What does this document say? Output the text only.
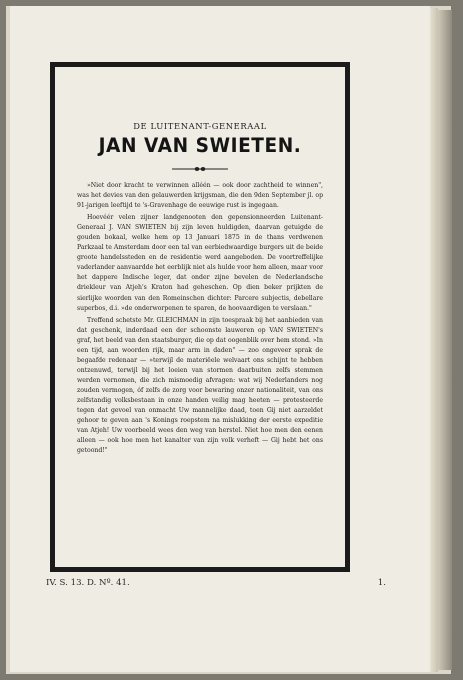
DE LUITENANT-GENERAAL
JAN VAN SWIETEN.

»Niet door kracht te verwinnen alléén — ook door zachtheid te winnen", was het devies van den gelauwerden krijgsman, die den 9den September jl. op 91-jarigen leeftijd te 's-Gravenhage de eeuwige rust is ingegaan.

Hoevéér velen zijner landgenooten den gepensionneerden Luitenant-Generaal J. VAN SWIETEN bij zijn leven huldigden, daarvan getuigde de gouden bokaal, welke hem op 13 Januari 1875 in de thans verdwenen Parkzaal te Amsterdam door een tal van eerbiedwaardige burgers uit de beide groote handelssteden en de residentie werd aangeboden. De voortreffelijke vaderlander aanvaardde het eerblijk niet als hulde voor hem alleen, maar voor het dappere Indische leger, dat onder zijne bevelen de Nederlandsche driekleur van Atjeh's Kraton had geheschen. Op dien beker prijkten de sierlijke woorden van den Romeinschen dichter: Parcere subjectis, debellare superbos, d.i. »de onderworpenen te sparen, de hoovaardigen te verslaan."

Treffend schetste Mr. GLEICHMAN in zijn toespraak bij het aanbieden van dat geschenk, inderdaad een der schoonste lauweren op VAN SWIETEN's graf, het beeld van den staatsburger, die op dat oogenblik over hem stond. »In een tijd, aan woorden rijk, maar arm in daden" — zoo ongeveer sprak de begaafde redenaar — »terwijl de materiëele welvaart ons schijnt te hebben ontzenuwd, terwijl bij het loeien van stormen daarbuiten zelfs stemmen werden vernomen, die zich mismoedig afvragen: wat wij Nederlanders nog zouden vermogen, óf zelfs de zorg voor bewaring onzer nationaliteit, van ons zelfstandig volksbestaan in onze handen veilig mag heeten — protesteerde tegen dat gevoel van onmacht Uw mannelijke daad, toen Gij niet aarzeldet gehoor te geven aan 's Konings roepstem na mislukking der eerste expeditie van Atjeh! Uw voorbeeld wees den weg van herstel. Niet hoe men den eenen alleen — ook hoe men het kanalter van zijn volk verheft — Gij hebt het ons getoond!"

IV. S. 13. D. Nº. 41.	1.
